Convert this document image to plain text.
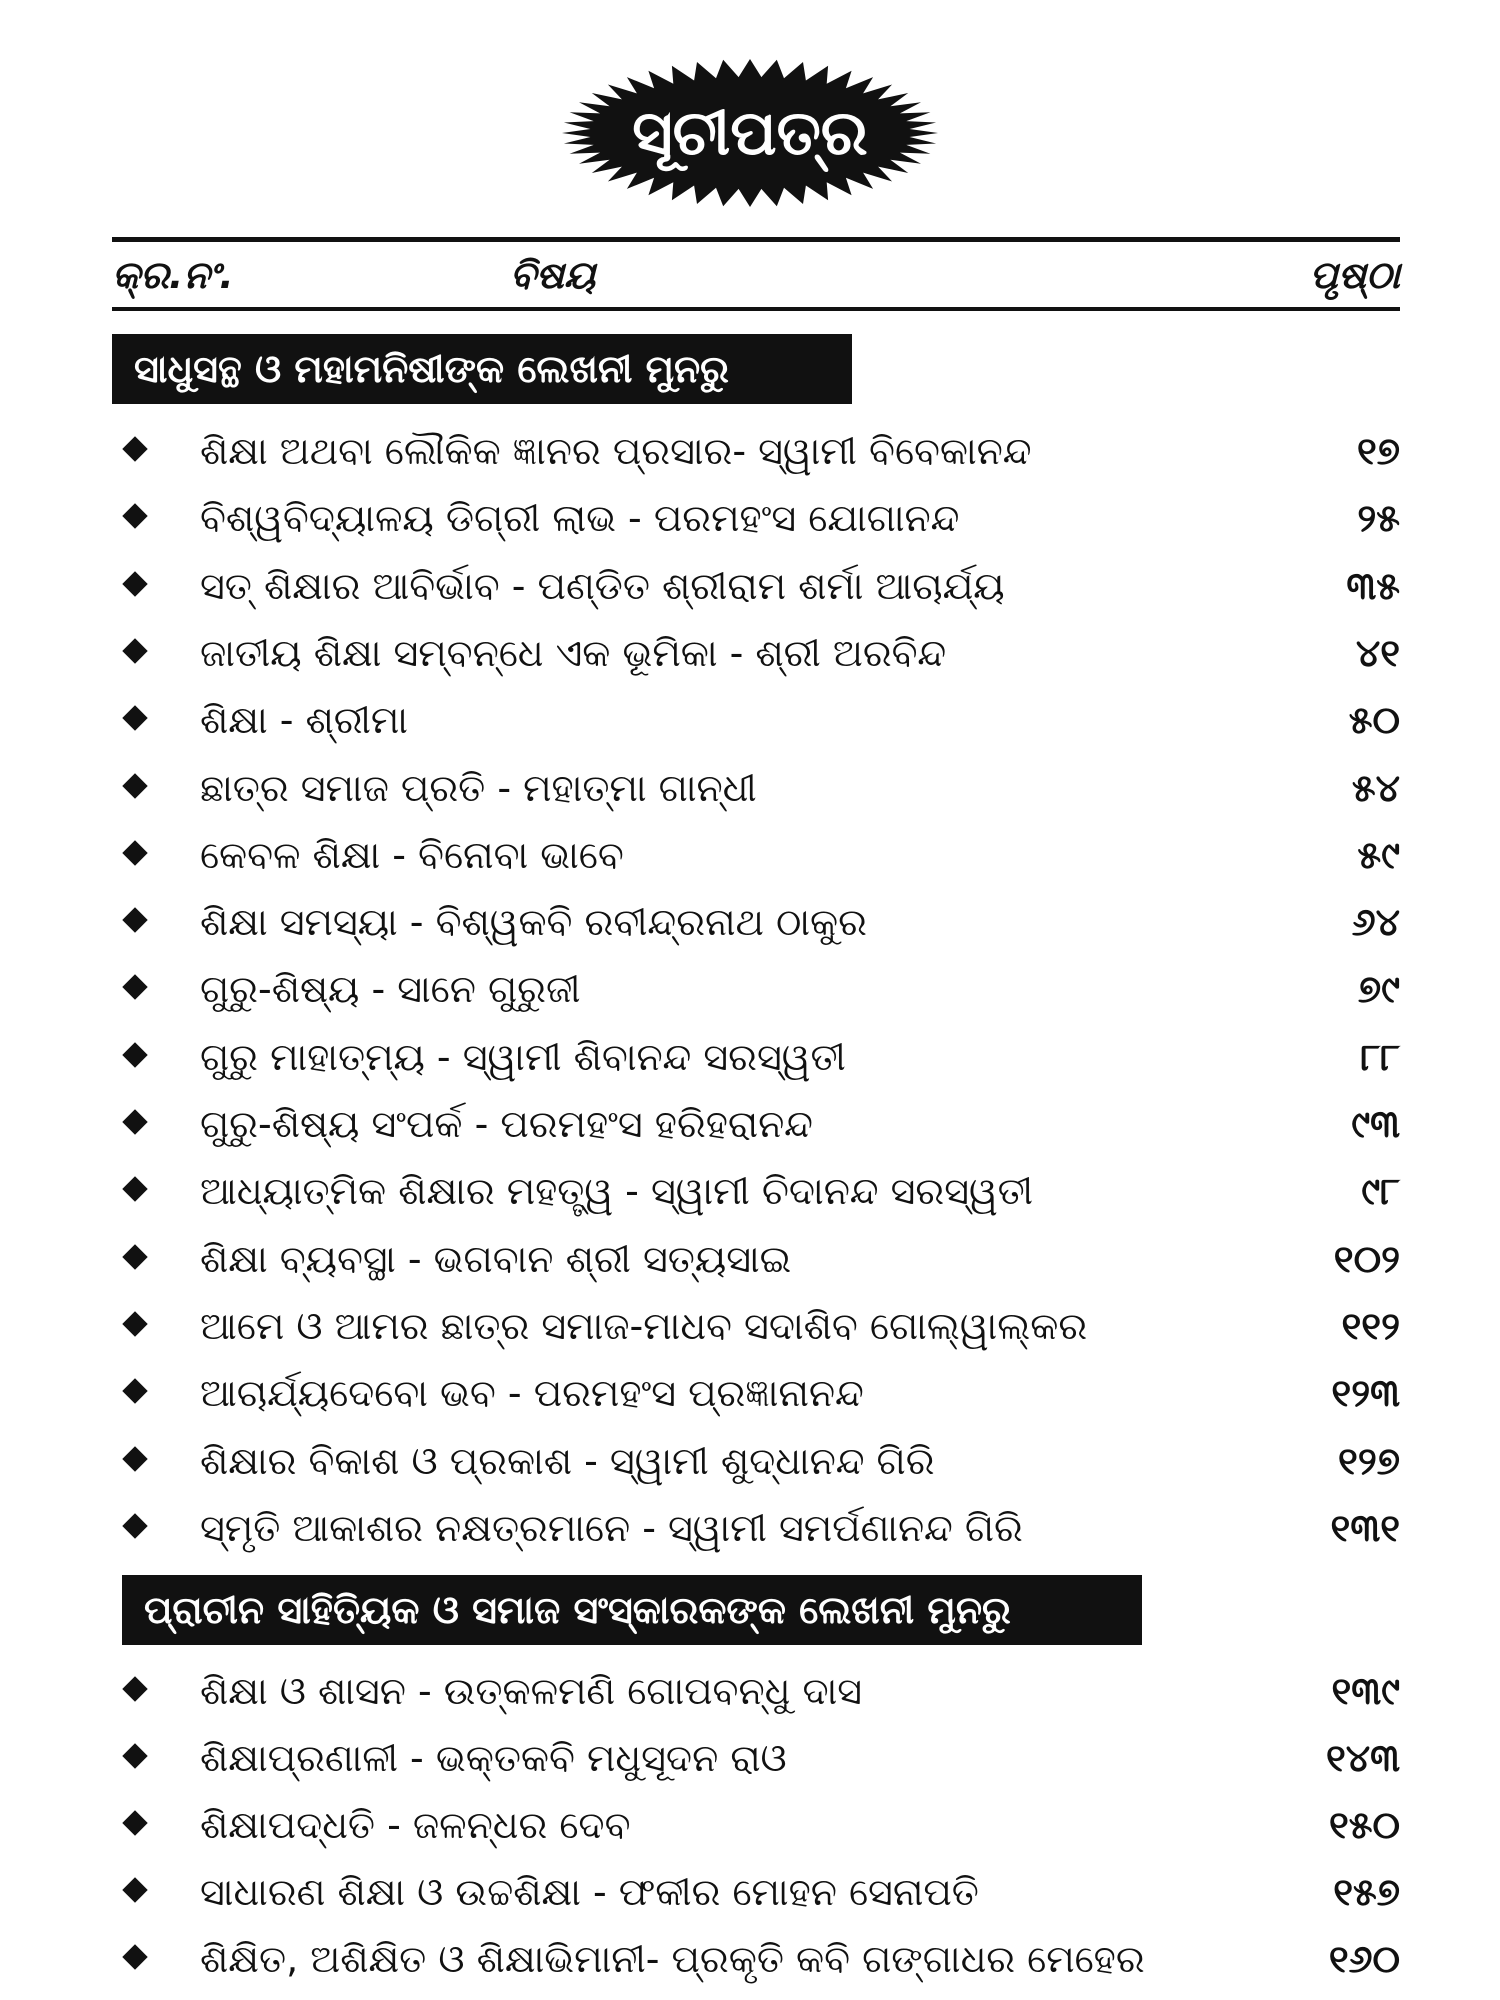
ସୂଚୀପତ୍ର
କ୍ର.ନଂ.	ବିଷୟ	ପୃଷ୍ଠା
ସାଧୁସନ୍ଥ ଓ ମହାମନିଷୀଙ୍କ ଲେଖନୀ ମୁନରୁ
ପ୍ରାଚୀନ ସାହିତ୍ୟିକ ଓ ସମାଜ ସଂସ୍କାରକଙ୍କ ଲେଖନୀ ମୁନରୁ
ଶିକ୍ଷା ଅଥବା ଲୌକିକ ଜ୍ଞାନର ପ୍ରସାର- ସ୍ୱାମୀ ବିବେକାନନ୍ଦ	୧୭
ବିଶ୍ୱବିଦ୍ୟାଳୟ ଡିଗ୍ରୀ ଲାଭ - ପରମହଂସ ଯୋଗାନନ୍ଦ	୨୫
ସତ୍ ଶିକ୍ଷାର ଆବିର୍ଭାବ - ପଣ୍ଡିତ ଶ୍ରୀରାମ ଶର୍ମା ଆଚାର୍ଯ୍ୟ	୩୫
ଜାତୀୟ ଶିକ୍ଷା ସମ୍ବନ୍ଧେ ଏକ ଭୂମିକା - ଶ୍ରୀ ଅରବିନ୍ଦ	୪୧
ଶିକ୍ଷା - ଶ୍ରୀମା	୫୦
ଛାତ୍ର ସମାଜ ପ୍ରତି - ମହାତ୍ମା ଗାନ୍ଧୀ	୫୪
କେବଳ ଶିକ୍ଷା - ବିନୋବା ଭାବେ	୫୯
ଶିକ୍ଷା ସମସ୍ୟା - ବିଶ୍ୱକବି ରବୀନ୍ଦ୍ରନାଥ ଠାକୁର	୬୪
ଗୁରୁ-ଶିଷ୍ୟ - ସାନେ ଗୁରୁଜୀ	୭୯
ଗୁରୁ ମାହାତ୍ମ୍ୟ - ସ୍ୱାମୀ ଶିବାନନ୍ଦ ସରସ୍ୱତୀ	୮୮
ଗୁରୁ-ଶିଷ୍ୟ ସଂପର୍କ - ପରମହଂସ ହରିହରାନନ୍ଦ	୯୩
ଆଧ୍ୟାତ୍ମିକ ଶିକ୍ଷାର ମହତ୍ତ୍ୱ - ସ୍ୱାମୀ ଚିଦାନନ୍ଦ ସରସ୍ୱତୀ	୯୮
ଶିକ୍ଷା ବ୍ୟବସ୍ଥା - ଭଗବାନ ଶ୍ରୀ ସତ୍ୟସାଇ	୧୦୨
ଆମେ ଓ ଆମର ଛାତ୍ର ସମାଜ-ମାଧବ ସଦାଶିବ ଗୋଲ୍‌ୱାଲ୍‌କର	୧୧୨
ଆଚାର୍ଯ୍ୟଦେବୋ ଭବ - ପରମହଂସ ପ୍ରଜ୍ଞାନାନନ୍ଦ	୧୨୩
ଶିକ୍ଷାର ବିକାଶ ଓ ପ୍ରକାଶ - ସ୍ୱାମୀ ଶୁଦ୍ଧାନନ୍ଦ ଗିରି	୧୨୭
ସ୍ମୃତି ଆକାଶର ନକ୍ଷତ୍ରମାନେ - ସ୍ୱାମୀ ସମର୍ପଣାନନ୍ଦ ଗିରି	୧୩୧
ଶିକ୍ଷା ଓ ଶାସନ - ଉତ୍କଳମଣି ଗୋପବନ୍ଧୁ ଦାସ	୧୩୯
ଶିକ୍ଷାପ୍ରଣାଳୀ - ଭକ୍ତକବି ମଧୁସୂଦନ ରାଓ	୧୪୩
ଶିକ୍ଷାପଦ୍ଧତି - ଜଳନ୍ଧର ଦେବ	୧୫୦
ସାଧାରଣ ଶିକ୍ଷା ଓ ଉଚ୍ଚଶିକ୍ଷା - ଫକୀର ମୋହନ ସେନାପତି	୧୫୭
ଶିକ୍ଷିତ, ଅଶିକ୍ଷିତ ଓ ଶିକ୍ଷାଭିମାନୀ- ପ୍ରକୃତି କବି ଗଙ୍ଗାଧର ମେହେର	୧୬୦
